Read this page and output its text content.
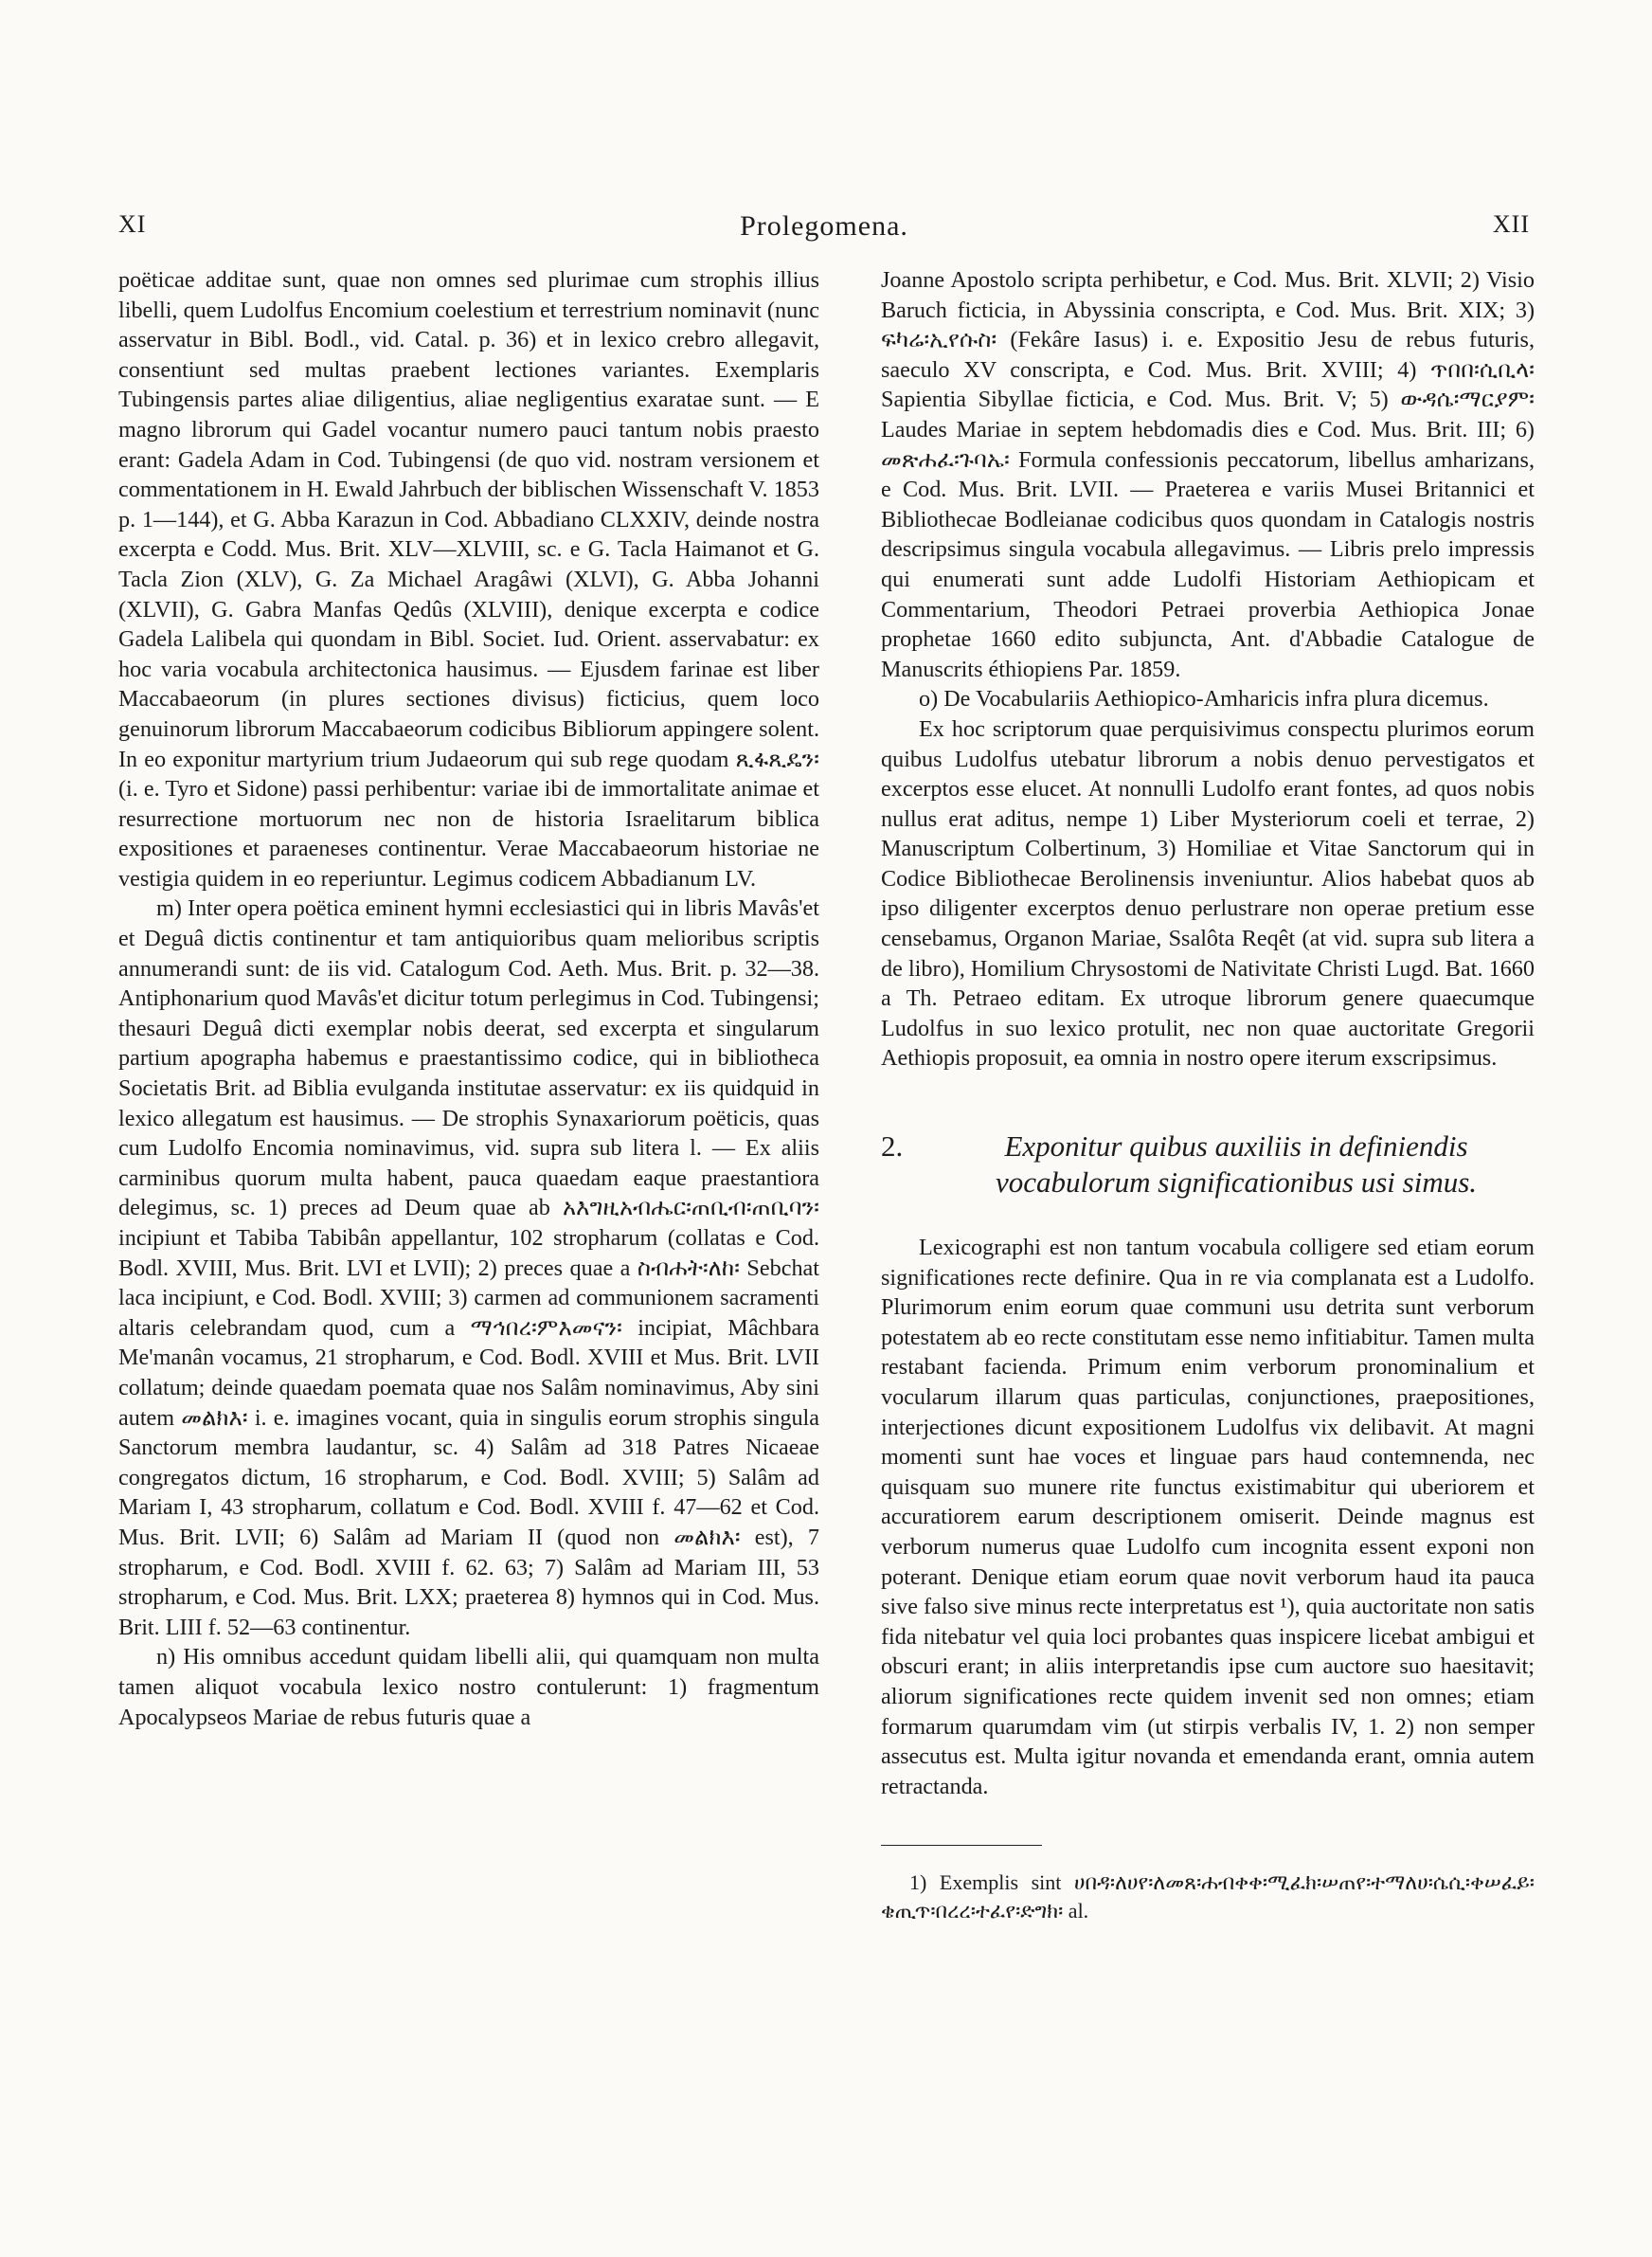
XI	Prolegomena.	XII

poëticae additae sunt, quae non omnes sed plurimae cum strophis illius libelli, quem Ludolfus Encomium coelestium et terrestrium nominavit (nunc asservatur in Bibl. Bodl., vid. Catal. p. 36) et in lexico crebro allegavit, consentiunt sed multas praebent lectiones variantes. Exemplaris Tubingensis partes aliae diligentius, aliae negligentius exaratae sunt. — E magno librorum qui Gadel vocantur numero pauci tantum nobis praesto erant: Gadela Adam in Cod. Tubingensi (de quo vid. nostram versionem et commentationem in H. Ewald Jahrbuch der biblischen Wissenschaft V. 1853 p. 1—144), et G. Abba Karazun in Cod. Abbadiano CLXXIV, deinde nostra excerpta e Codd. Mus. Brit. XLV—XLVIII, sc. e G. Tacla Haimanot et G. Tacla Zion (XLV), G. Za Michael Aragâwi (XLVI), G. Abba Johanni (XLVII), G. Gabra Manfas Qedûs (XLVIII), denique excerpta e codice Gadela Lalibela qui quondam in Bibl. Societ. Iud. Orient. asservabatur: ex hoc varia vocabula architectonica hausimus. — Ejusdem farinae est liber Maccabaeorum (in plures sectiones divisus) ficticius, quem loco genuinorum librorum Maccabaeorum codicibus Bibliorum appingere solent. In eo exponitur martyrium trium Judaeorum qui sub rege quodam ጺፋጺዴን፡ (i. e. Tyro et Sidone) passi perhibentur: variae ibi de immortalitate animae et resurrectione mortuorum nec non de historia Israelitarum biblica expositiones et paraeneses continentur. Verae Maccabaeorum historiae ne vestigia quidem in eo reperiuntur. Legimus codicem Abbadianum LV.

m) Inter opera poëtica eminent hymni ecclesiastici qui in libris Mavâs'et et Deguâ dictis continentur et tam antiquioribus quam melioribus scriptis annumerandi sunt: de iis vid. Catalogum Cod. Aeth. Mus. Brit. p. 32—38. Antiphonarium quod Mavâs'et dicitur totum perlegimus in Cod. Tubingensi; thesauri Deguâ dicti exemplar nobis deerat, sed excerpta et singularum partium apographa habemus e praestantissimo codice, qui in bibliotheca Societatis Brit. ad Biblia evulganda institutae asservatur: ex iis quidquid in lexico allegatum est hausimus. — De strophis Synaxariorum poëticis, quas cum Ludolfo Encomia nominavimus, vid. supra sub litera l. — Ex aliis carminibus quorum multa habent, pauca quaedam eaque praestantiora delegimus, sc. 1) preces ad Deum quae ab አእግዚአብሔር፡ጠቢብ፡ጠቢባን፡ incipiunt et Tabiba Tabibân appellantur, 102 stropharum (collatas e Cod. Bodl. XVIII, Mus. Brit. LVI et LVII); 2) preces quae a ስብሐት፡ለከ፡ Sebchat laca incipiunt, e Cod. Bodl. XVIII; 3) carmen ad communionem sacramenti altaris celebrandam quod, cum a ማኅበረ፡ምእመናን፡ incipiat, Mâchbara Me'manân vocamus, 21 stropharum, e Cod. Bodl. XVIII et Mus. Brit. LVII collatum; deinde quaedam poemata quae nos Salâm nominavimus, Aby sini autem መልክእ፡ i. e. imagines vocant, quia in singulis eorum strophis singula Sanctorum membra laudantur, sc. 4) Salâm ad 318 Patres Nicaeae congregatos dictum, 16 stropharum, e Cod. Bodl. XVIII; 5) Salâm ad Mariam I, 43 stropharum, collatum e Cod. Bodl. XVIII f. 47—62 et Cod. Mus. Brit. LVII; 6) Salâm ad Mariam II (quod non መልክእ፡ est), 7 stropharum, e Cod. Bodl. XVIII f. 62. 63; 7) Salâm ad Mariam III, 53 stropharum, e Cod. Mus. Brit. LXX; praeterea 8) hymnos qui in Cod. Mus. Brit. LIII f. 52—63 continentur.

n) His omnibus accedunt quidam libelli alii, qui quamquam non multa tamen aliquot vocabula lexico nostro contulerunt: 1) fragmentum Apocalypseos Mariae de rebus futuris quae a

Joanne Apostolo scripta perhibetur, e Cod. Mus. Brit. XLVII; 2) Visio Baruch ficticia, in Abyssinia conscripta, e Cod. Mus. Brit. XIX; 3) ፍካሬ፡ኢየሱስ፡ (Fekâre Iasus) i. e. Expositio Jesu de rebus futuris, saeculo XV conscripta, e Cod. Mus. Brit. XVIII; 4) ጥበበ፡ሲቢላ፡ Sapientia Sibyllae ficticia, e Cod. Mus. Brit. V; 5) ውዳሴ፡ማርያም፡ Laudes Mariae in septem hebdomadis dies e Cod. Mus. Brit. III; 6) መጽሐፈ፡ጉባኤ፡ Formula confessionis peccatorum, libellus amharizans, e Cod. Mus. Brit. LVII. — Praeterea e variis Musei Britannici et Bibliothecae Bodleianae codicibus quos quondam in Catalogis nostris descripsimus singula vocabula allegavimus. — Libris prelo impressis qui enumerati sunt adde Ludolfi Historiam Aethiopicam et Commentarium, Theodori Petraei proverbia Aethiopica Jonae prophetae 1660 edito subjuncta, Ant. d'Abbadie Catalogue de Manuscrits éthiopiens Par. 1859.

o) De Vocabulariis Aethiopico-Amharicis infra plura dicemus.

Ex hoc scriptorum quae perquisivimus conspectu plurimos eorum quibus Ludolfus utebatur librorum a nobis denuo pervestigatos et excerptos esse elucet. At nonnulli Ludolfo erant fontes, ad quos nobis nullus erat aditus, nempe 1) Liber Mysteriorum coeli et terrae, 2) Manuscriptum Colbertinum, 3) Homiliae et Vitae Sanctorum qui in Codice Bibliothecae Berolinensis inveniuntur. Alios habebat quos ab ipso diligenter excerptos denuo perlustrare non operae pretium esse censebamus, Organon Mariae, Ssalôta Reqêt (at vid. supra sub litera a de libro), Homilium Chrysostomi de Nativitate Christi Lugd. Bat. 1660 a Th. Petraeo editam. Ex utroque librorum genere quaecumque Ludolfus in suo lexico protulit, nec non quae auctoritate Gregorii Aethiopis proposuit, ea omnia in nostro opere iterum exscripsimus.

2.	Exponitur quibus auxiliis in definiendis vocabulorum significationibus usi simus.

Lexicographi est non tantum vocabula colligere sed etiam eorum significationes recte definire. Qua in re via complanata est a Ludolfo. Plurimorum enim eorum quae communi usu detrita sunt verborum potestatem ab eo recte constitutam esse nemo infitiabitur. Tamen multa restabant facienda. Primum enim verborum pronominalium et vocularum illarum quas particulas, conjunctiones, praepositiones, interjectiones dicunt expositionem Ludolfus vix delibavit. At magni momenti sunt hae voces et linguae pars haud contemnenda, nec quisquam suo munere rite functus existimabitur qui uberiorem et accuratiorem earum descriptionem omiserit. Deinde magnus est verborum numerus quae Ludolfo cum incognita essent exponi non poterant. Denique etiam eorum quae novit verborum haud ita pauca sive falso sive minus recte interpretatus est ¹), quia auctoritate non satis fida nitebatur vel quia loci probantes quas inspicere licebat ambigui et obscuri erant; in aliis interpretandis ipse cum auctore suo haesitavit; aliorum significationes recte quidem invenit sed non omnes; etiam formarum quarumdam vim (ut stirpis verbalis IV, 1. 2) non semper assecutus est. Multa igitur novanda et emendanda erant, omnia autem retractanda.

1) Exemplis sint ሀበዳ፡ለሀየ፡ለመጸ፡ሐብቀቀ፡ሚፈክ፡ሠጠየ፡ተማለሀ፡ሴሲ፡ቀሠፈይ፡ቄጢጥ፡በረረ፡ተፈየ፡ድግክ፡ al.
